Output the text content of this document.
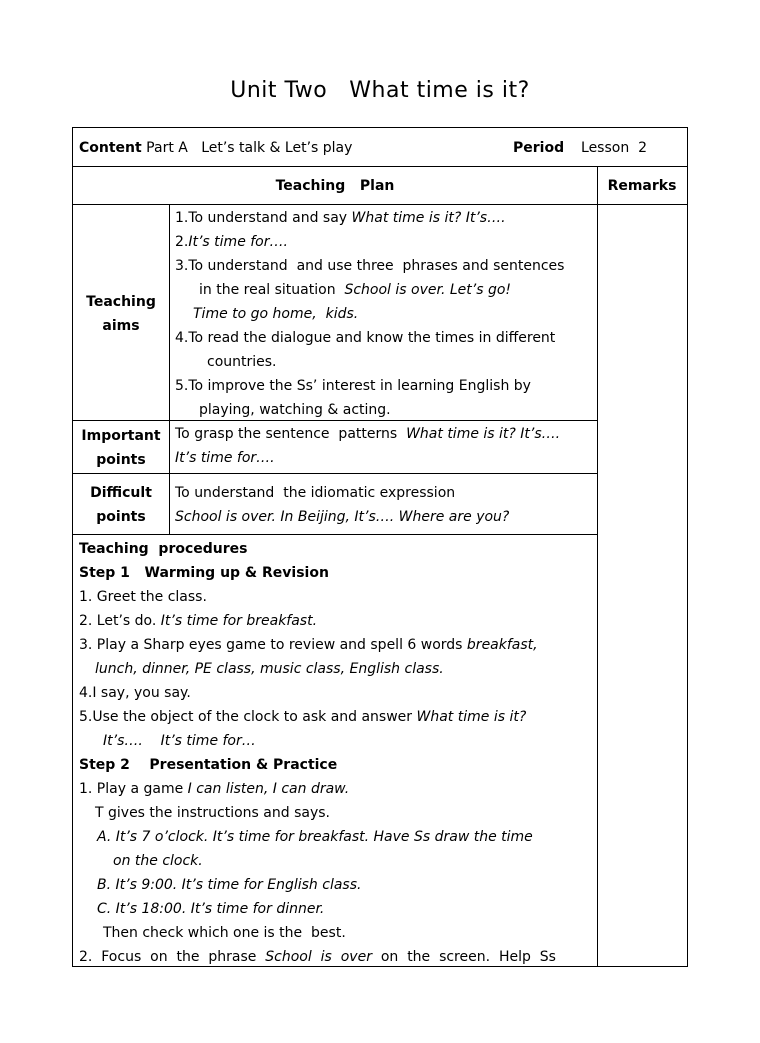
Unit Two What time is it?
Content Part A   Let’s talk & Let’s play	Period Lesson  2
Teaching   Plan	Remarks
Teaching
aims
1.To understand and say What time is it? It’s….
2.It’s time for….
3.To understand  and use three  phrases and sentences
in the real situation  School is over. Let’s go!
Time to go home,  kids.
4.To read the dialogue and know the times in different
countries.
5.To improve the Ss’ interest in learning English by
playing, watching & acting.
Important
points
To grasp the sentence  patterns  What time is it? It’s….
It’s time for….
Difficult
points
To understand  the idiomatic expression
School is over. In Beijing, It’s…. Where are you?
Teaching  procedures
Step 1   Warming up & Revision
1. Greet the class.
2. Let’s do. It’s time for breakfast.
3. Play a Sharp eyes game to review and spell 6 words breakfast,
lunch, dinner, PE class, music class, English class.
4.I say, you say.
5.Use the object of the clock to ask and answer What time is it?
It’s….    It’s time for…
Step 2    Presentation & Practice
1. Play a game I can listen, I can draw.
T gives the instructions and says.
A. It’s 7 o’clock. It’s time for breakfast. Have Ss draw the time
on the clock.
B. It’s 9:00. It’s time for English class.
C. It’s 18:00. It’s time for dinner.
Then check which one is the  best.
2.  Focus  on  the  phrase  School  is  over  on  the  screen.  Help  Ss
